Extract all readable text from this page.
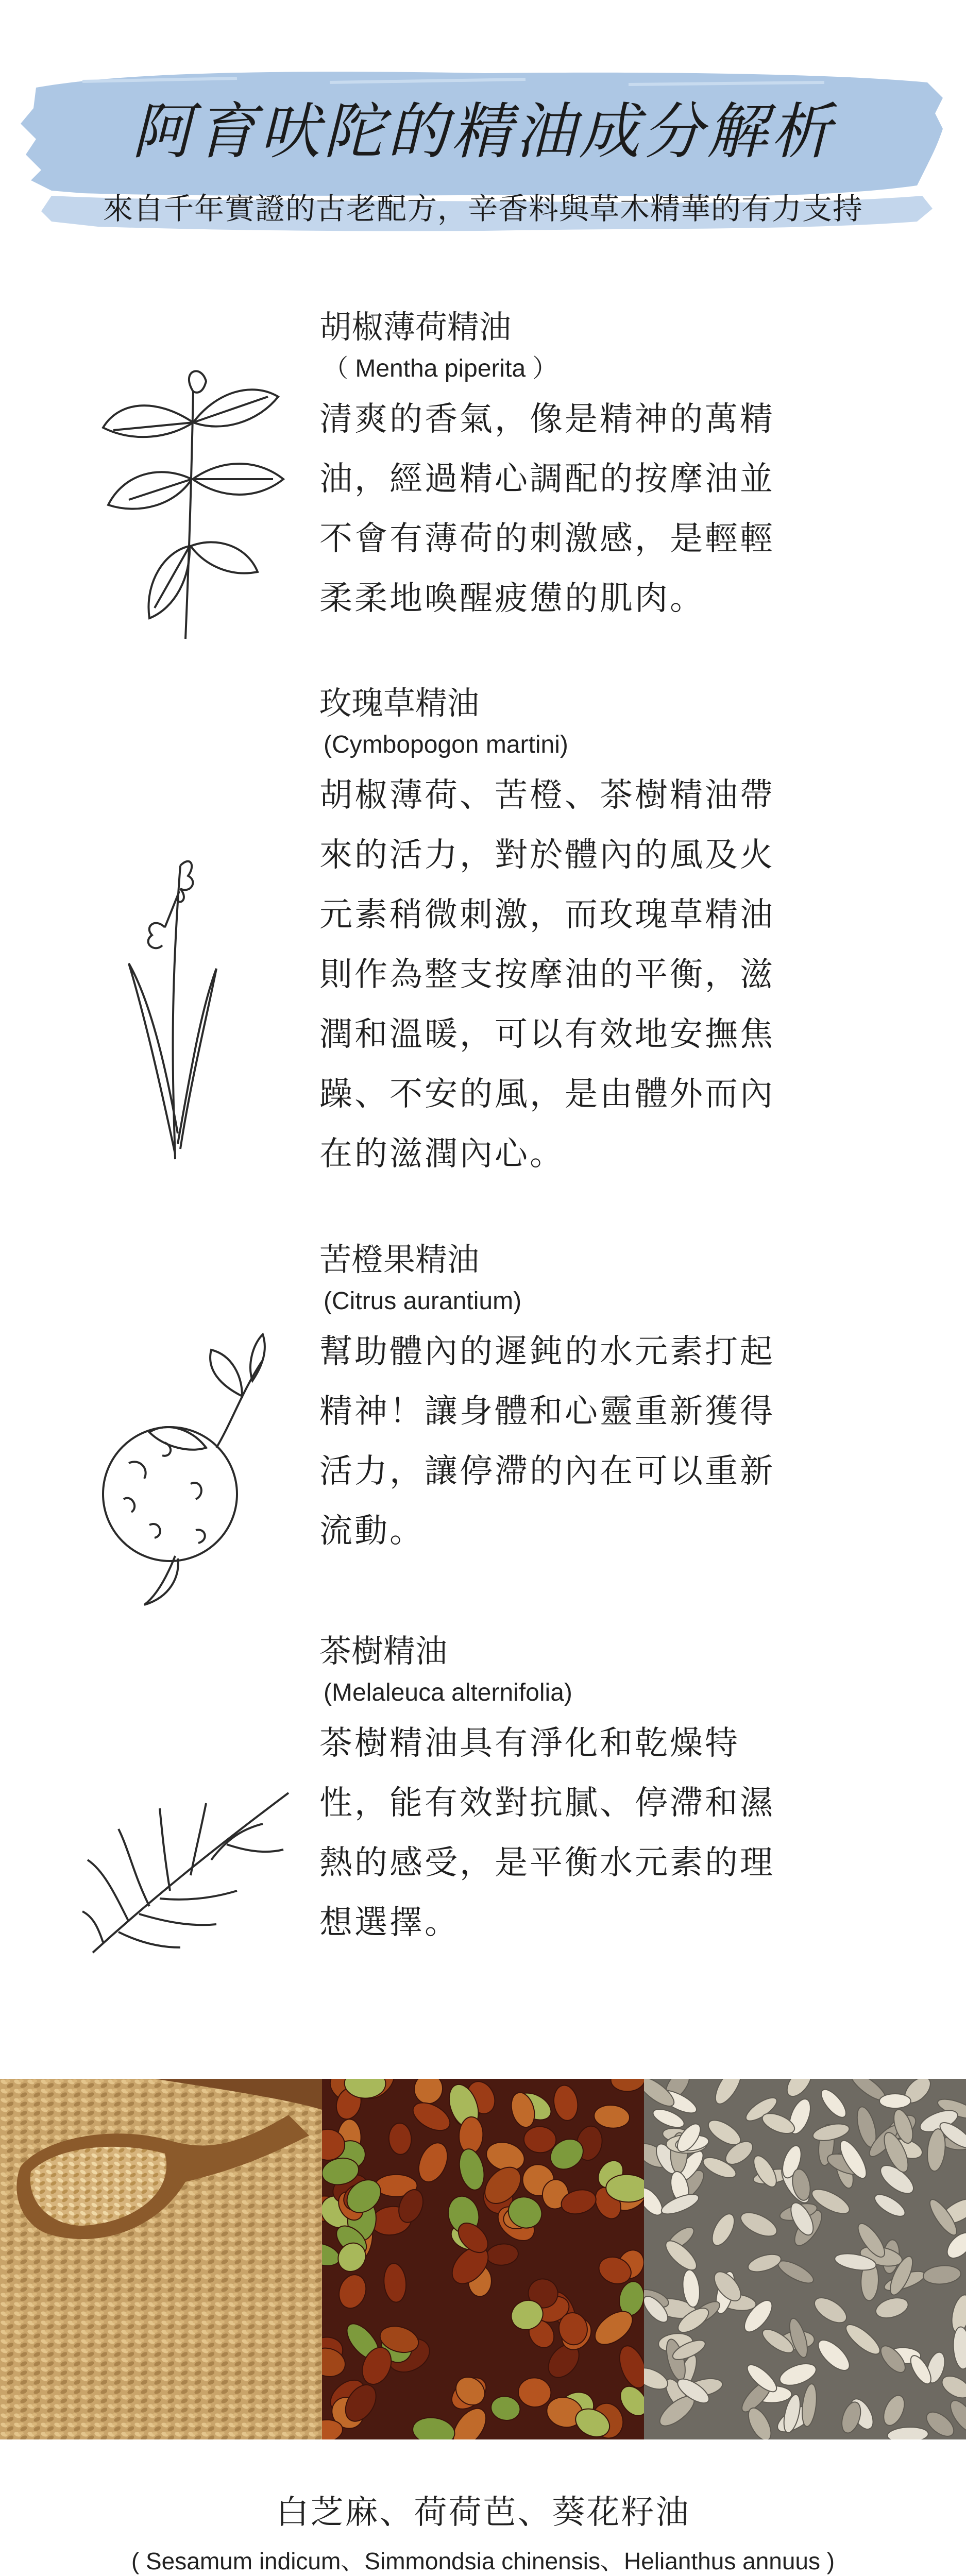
阿育吠陀的精油成分解析
來自千年實證的古老配方，辛香料與草木精華的有力支持

胡椒薄荷精油

（ Mentha piperita ）

清爽的香氣，像是精神的萬精
油，經過精心調配的按摩油並
不會有薄荷的刺激感，是輕輕
柔柔地喚醒疲憊的肌肉。

玫瑰草精油

(Cymbopogon martini)

胡椒薄荷、苦橙、茶樹精油帶
來的活力，對於體內的風及火
元素稍微刺激，而玫瑰草精油
則作為整支按摩油的平衡，滋
潤和溫暖，可以有效地安撫焦
躁、不安的風，是由體外而內
在的滋潤內心。

苦橙果精油

(Citrus aurantium)

幫助體內的遲鈍的水元素打起
精神！讓身體和心靈重新獲得
活力，讓停滯的內在可以重新
流動。

茶樹精油

(Melaleuca alternifolia)

茶樹精油具有淨化和乾燥特
性，能有效對抗膩、停滯和濕
熱的感受，是平衡水元素的理
想選擇。

白芝麻、荷荷芭、葵花籽油
( Sesamum indicum、Simmondsia chinensis、Helianthus annuus )
